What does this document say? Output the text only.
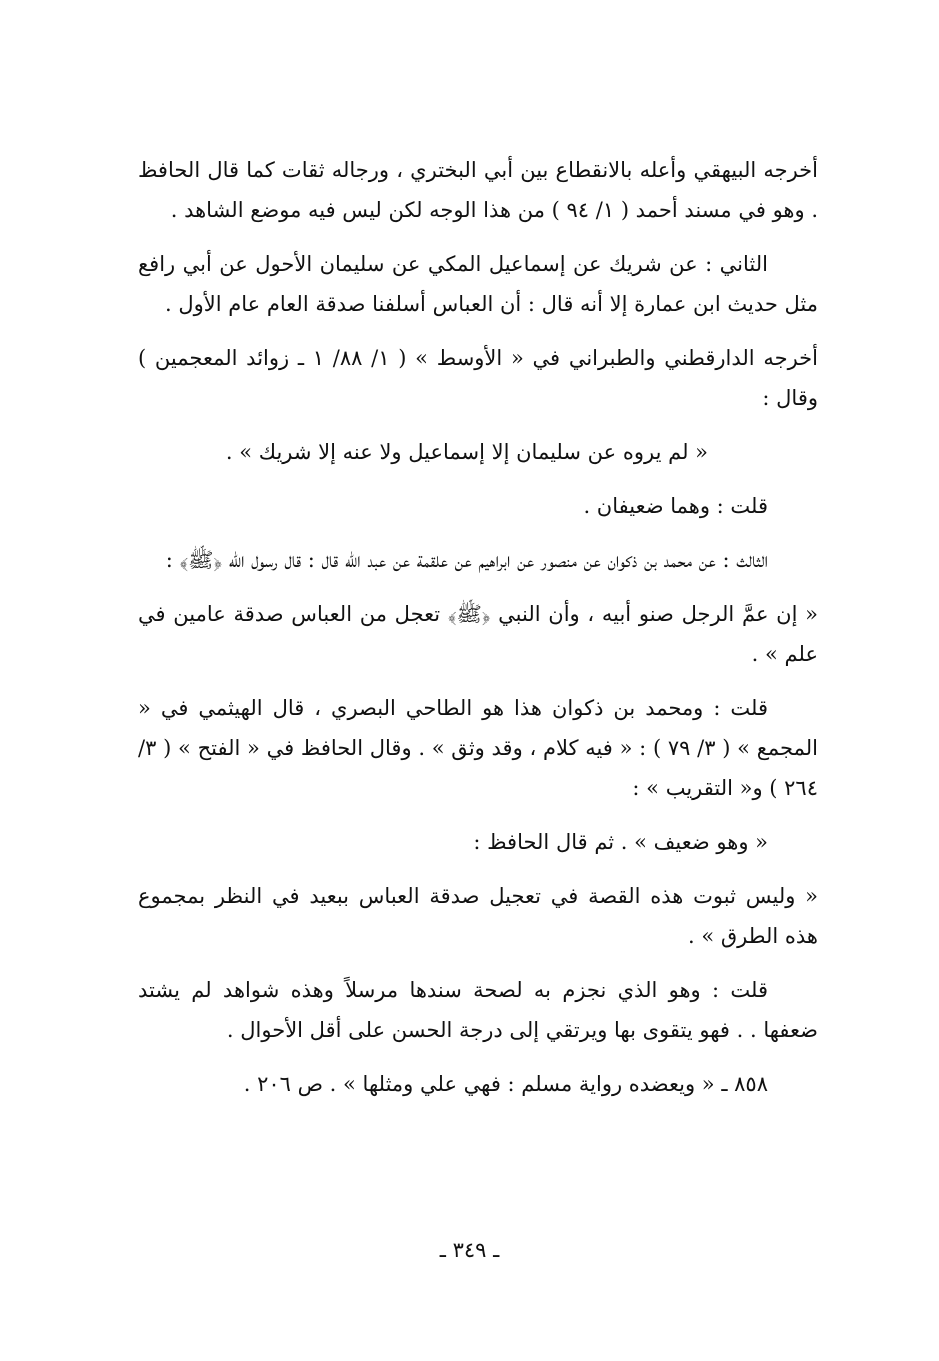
أخرجه البيهقي وأعله بالانقطاع بين أبي البختري ، ورجاله ثقات كما قال الحافظ . وهو في مسند أحمد ( ١/ ٩٤ ) من هذا الوجه لكن ليس فيه موضع الشاهد .

الثاني : عن شريك عن إسماعيل المكي عن سليمان الأحول عن أبي رافع مثل حديث ابن عمارة إلا أنه قال : أن العباس أسلفنا صدقة العام عام الأول .

أخرجه الدارقطني والطبراني في « الأوسط » ( ١/ ٨٨/ ١ ـ زوائد المعجمين ) وقال :

« لم يروه عن سليمان إلا إسماعيل ولا عنه إلا شريك » .

قلت : وهما ضعيفان .

الثالث : عن محمد بن ذكوان عن منصور عن ابراهيم عن علقمة عن عبد الله قال : قال رسول الله ﴿ﷺ﴾ :

« إن عمَّ الرجل صنو أبيه ، وأن النبي ﴿ﷺ﴾ تعجل من العباس صدقة عامين في علم » .

قلت : ومحمد بن ذكوان هذا هو الطاحي البصري ، قال الهيثمي في « المجمع » ( ٣/ ٧٩ ) : « فيه كلام ، وقد وثق » . وقال الحافظ في « الفتح » ( ٣/ ٢٦٤ ) و« التقريب » :

« وهو ضعيف » . ثم قال الحافظ :

« وليس ثبوت هذه القصة في تعجيل صدقة العباس ببعيد في النظر بمجموع هذه الطرق » .

قلت : وهو الذي نجزم به لصحة سندها مرسلاً وهذه شواهد لم يشتد ضعفها . . فهو يتقوى بها ويرتقي إلى درجة الحسن على أقل الأحوال .

٨٥٨ ـ « ويعضده رواية مسلم : فهي علي ومثلها » . ص ٢٠٦ .

ـ ٣٤٩ ـ
